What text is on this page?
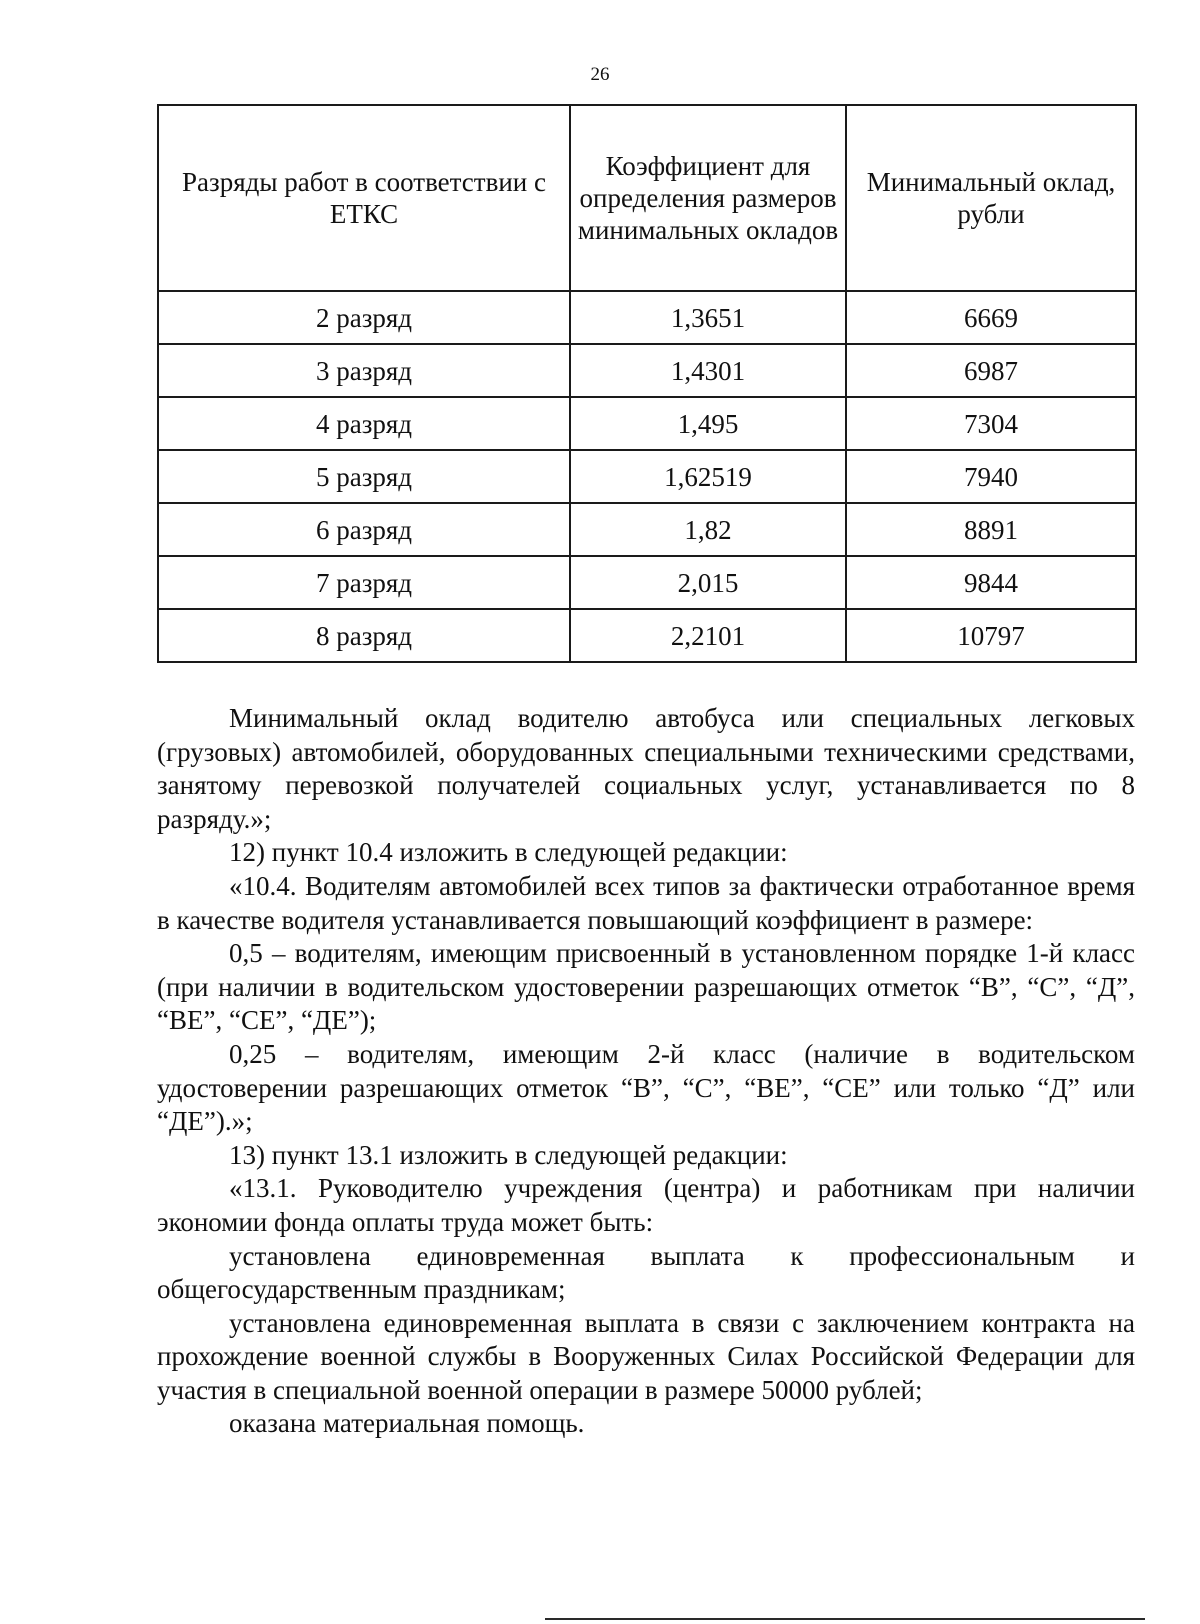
26
Разряды работ в соответствии с ЕТКС	Коэффициент для определения размеров минимальных окладов	Минимальный оклад, рубли
2 разряд	1,3651	6669
3 разряд	1,4301	6987
4 разряд	1,495	7304
5 разряд	1,62519	7940
6 разряд	1,82	8891
7 разряд	2,015	9844
8 разряд	2,2101	10797

Минимальный оклад водителю автобуса или специальных легковых (грузовых) автомобилей, оборудованных специальными техническими средствами, занятому перевозкой получателей социальных услуг, устанавливается по 8 разряду.»;

12) пункт 10.4 изложить в следующей редакции:

«10.4. Водителям автомобилей всех типов за фактически отработанное время в качестве водителя устанавливается повышающий коэффициент в размере:

0,5 – водителям, имеющим присвоенный в установленном порядке 1-й класс (при наличии в водительском удостоверении разрешающих отметок “В”, “С”, “Д”, “ВЕ”, “СЕ”, “ДЕ”);

0,25 – водителям, имеющим 2-й класс (наличие в водительском удостоверении разрешающих отметок “В”, “С”, “ВЕ”, “СЕ” или только “Д” или “ДЕ”).»;

13) пункт 13.1 изложить в следующей редакции:

«13.1. Руководителю учреждения (центра) и работникам при наличии экономии фонда оплаты труда может быть:

установлена единовременная выплата к профессиональным и общегосударственным праздникам;

установлена единовременная выплата в связи с заключением контракта на прохождение военной службы в Вооруженных Силах Российской Федерации для участия в специальной военной операции в размере 50000 рублей;

оказана материальная помощь.
